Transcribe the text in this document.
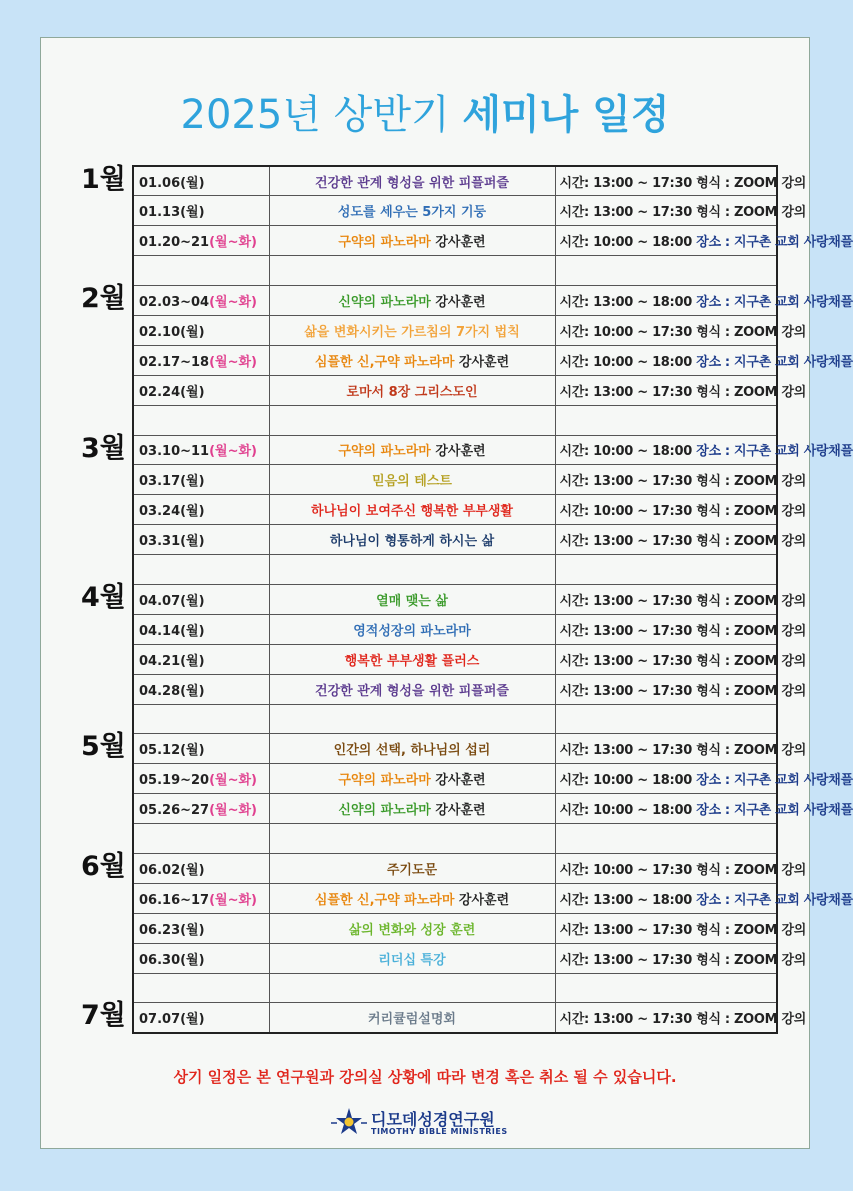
2025년 상반기 세미나 일정
1월
2월
3월
4월
5월
6월
7월
01.06(월)	건강한 관계 형성을 위한 피플퍼즐	시간: 13:00 ~ 17:30 형식 : ZOOM 강의
01.13(월)	성도를 세우는 5가지 기둥	시간: 13:00 ~ 17:30 형식 : ZOOM 강의
01.20~21(월~화)	구약의 파노라마 강사훈련	시간: 10:00 ~ 18:00 장소 : 지구촌 교회 사랑채플

02.03~04(월~화)	신약의 파노라마 강사훈련	시간: 13:00 ~ 18:00 장소 : 지구촌 교회 사랑채플
02.10(월)	삶을 변화시키는 가르침의 7가지 법칙	시간: 10:00 ~ 17:30 형식 : ZOOM 강의
02.17~18(월~화)	심플한 신,구약 파노라마 강사훈련	시간: 10:00 ~ 18:00 장소 : 지구촌 교회 사랑채플
02.24(월)	로마서 8장 그리스도인	시간: 13:00 ~ 17:30 형식 : ZOOM 강의

03.10~11(월~화)	구약의 파노라마 강사훈련	시간: 10:00 ~ 18:00 장소 : 지구촌 교회 사랑채플
03.17(월)	믿음의 테스트	시간: 13:00 ~ 17:30 형식 : ZOOM 강의
03.24(월)	하나님이 보여주신 행복한 부부생활	시간: 10:00 ~ 17:30 형식 : ZOOM 강의
03.31(월)	하나님이 형통하게 하시는 삶	시간: 13:00 ~ 17:30 형식 : ZOOM 강의

04.07(월)	열매 맺는 삶	시간: 13:00 ~ 17:30 형식 : ZOOM 강의
04.14(월)	영적성장의 파노라마	시간: 13:00 ~ 17:30 형식 : ZOOM 강의
04.21(월)	행복한 부부생활 플러스	시간: 13:00 ~ 17:30 형식 : ZOOM 강의
04.28(월)	건강한 관계 형성을 위한 피플퍼즐	시간: 13:00 ~ 17:30 형식 : ZOOM 강의

05.12(월)	인간의 선택, 하나님의 섭리	시간: 13:00 ~ 17:30 형식 : ZOOM 강의
05.19~20(월~화)	구약의 파노라마 강사훈련	시간: 10:00 ~ 18:00 장소 : 지구촌 교회 사랑채플
05.26~27(월~화)	신약의 파노라마 강사훈련	시간: 10:00 ~ 18:00 장소 : 지구촌 교회 사랑채플

06.02(월)	주기도문	시간: 10:00 ~ 17:30 형식 : ZOOM 강의
06.16~17(월~화)	심플한 신,구약 파노라마 강사훈련	시간: 13:00 ~ 18:00 장소 : 지구촌 교회 사랑채플
06.23(월)	삶의 변화와 성장 훈련	시간: 13:00 ~ 17:30 형식 : ZOOM 강의
06.30(월)	리더십 특강	시간: 13:00 ~ 17:30 형식 : ZOOM 강의

07.07(월)	커리큘럼설명회	시간: 13:00 ~ 17:30 형식 : ZOOM 강의
상기 일정은 본 연구원과 강의실 상황에 따라 변경 혹은 취소 될 수 있습니다.
디모데성경연구원
TIMOTHY BIBLE MINISTRIES
